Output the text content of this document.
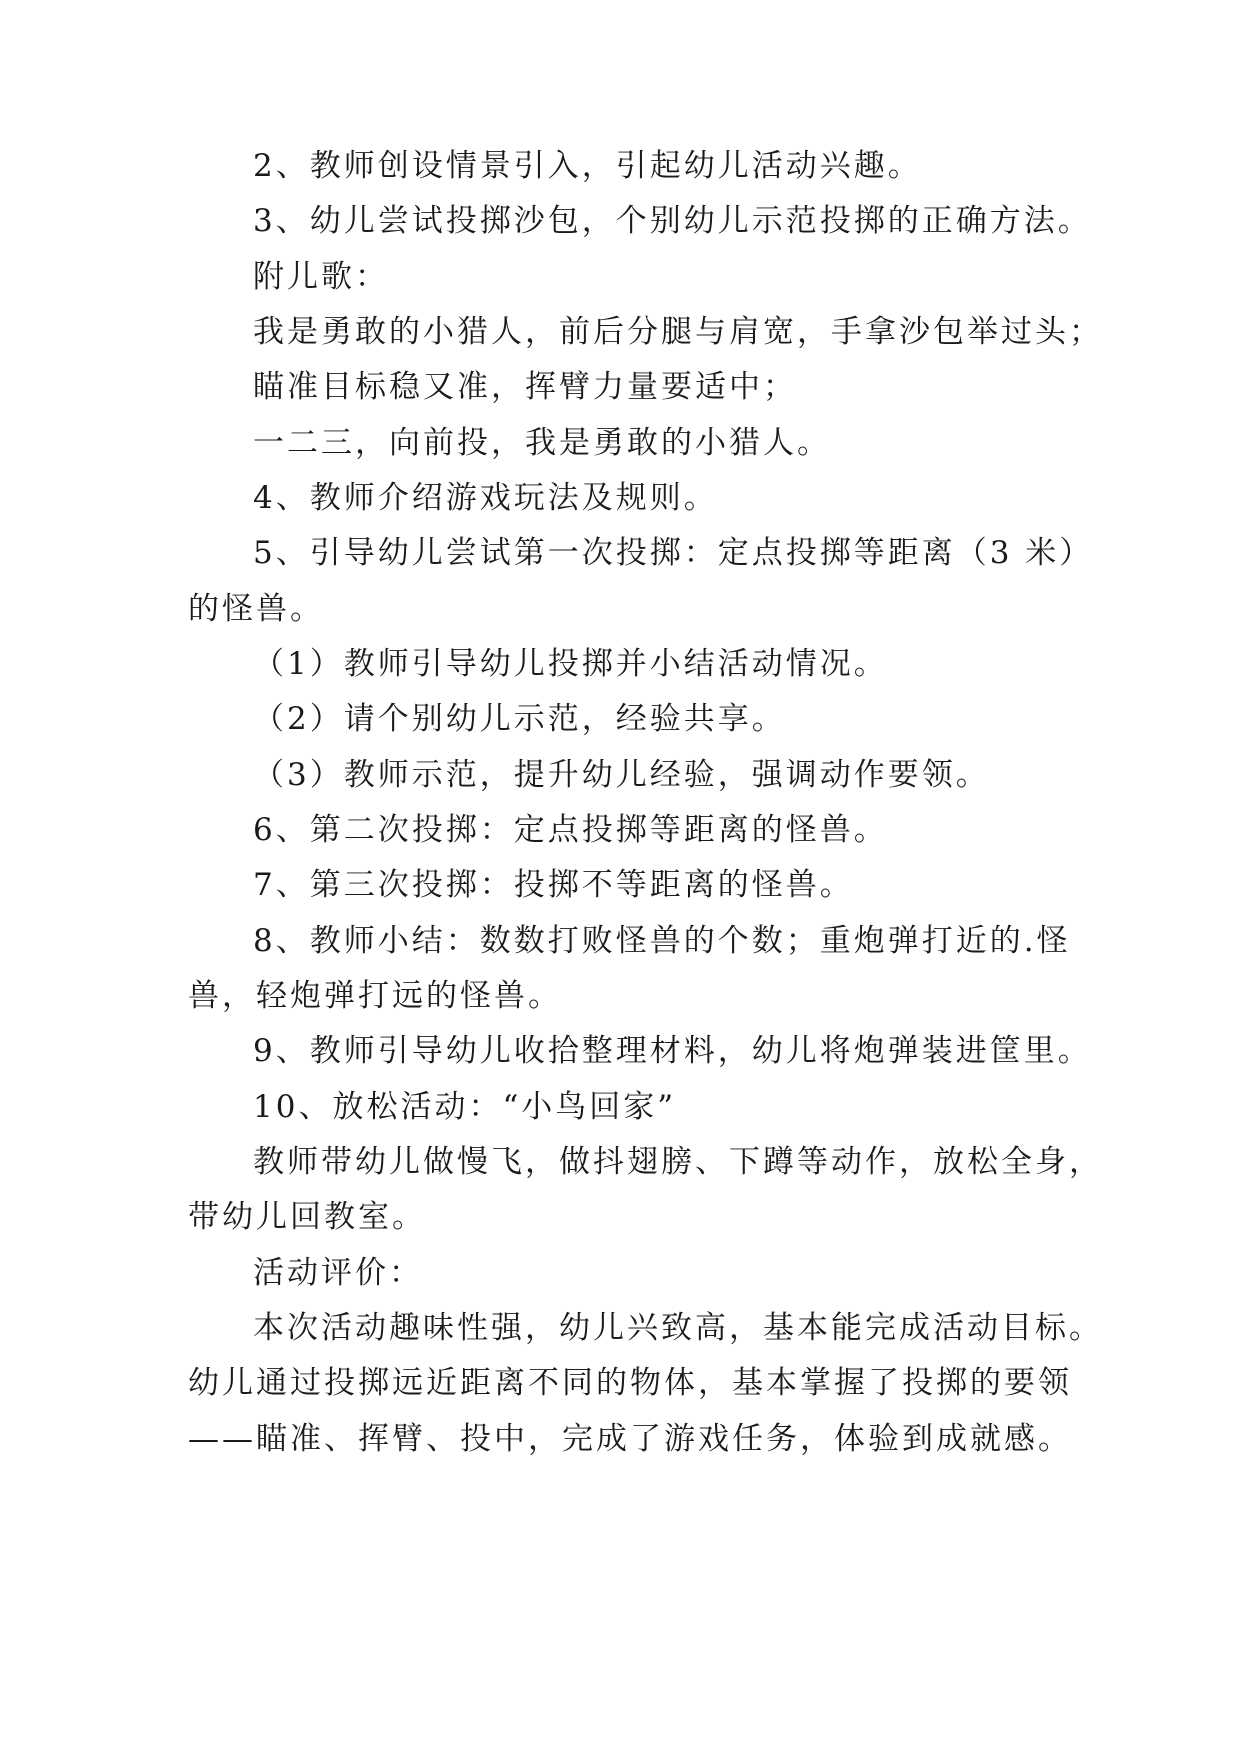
2、教师创设情景引入，引起幼儿活动兴趣。
3、幼儿尝试投掷沙包，个别幼儿示范投掷的正确方法。
附儿歌：
我是勇敢的小猎人，前后分腿与肩宽，手拿沙包举过头；
瞄准目标稳又准，挥臂力量要适中；
一二三，向前投，我是勇敢的小猎人。
4、教师介绍游戏玩法及规则。
5、引导幼儿尝试第一次投掷：定点投掷等距离（3 米）
的怪兽。
（1）教师引导幼儿投掷并小结活动情况。
（2）请个别幼儿示范，经验共享。
（3）教师示范，提升幼儿经验，强调动作要领。
6、第二次投掷：定点投掷等距离的怪兽。
7、第三次投掷：投掷不等距离的怪兽。
8、教师小结：数数打败怪兽的个数；重炮弹打近的.怪
兽，轻炮弹打远的怪兽。
9、教师引导幼儿收拾整理材料，幼儿将炮弹装进筐里。
10、放松活动：“小鸟回家”
教师带幼儿做慢飞，做抖翅膀、下蹲等动作，放松全身，
带幼儿回教室。
活动评价：
本次活动趣味性强，幼儿兴致高，基本能完成活动目标。
幼儿通过投掷远近距离不同的物体，基本掌握了投掷的要领
——瞄准、挥臂、投中，完成了游戏任务，体验到成就感。
